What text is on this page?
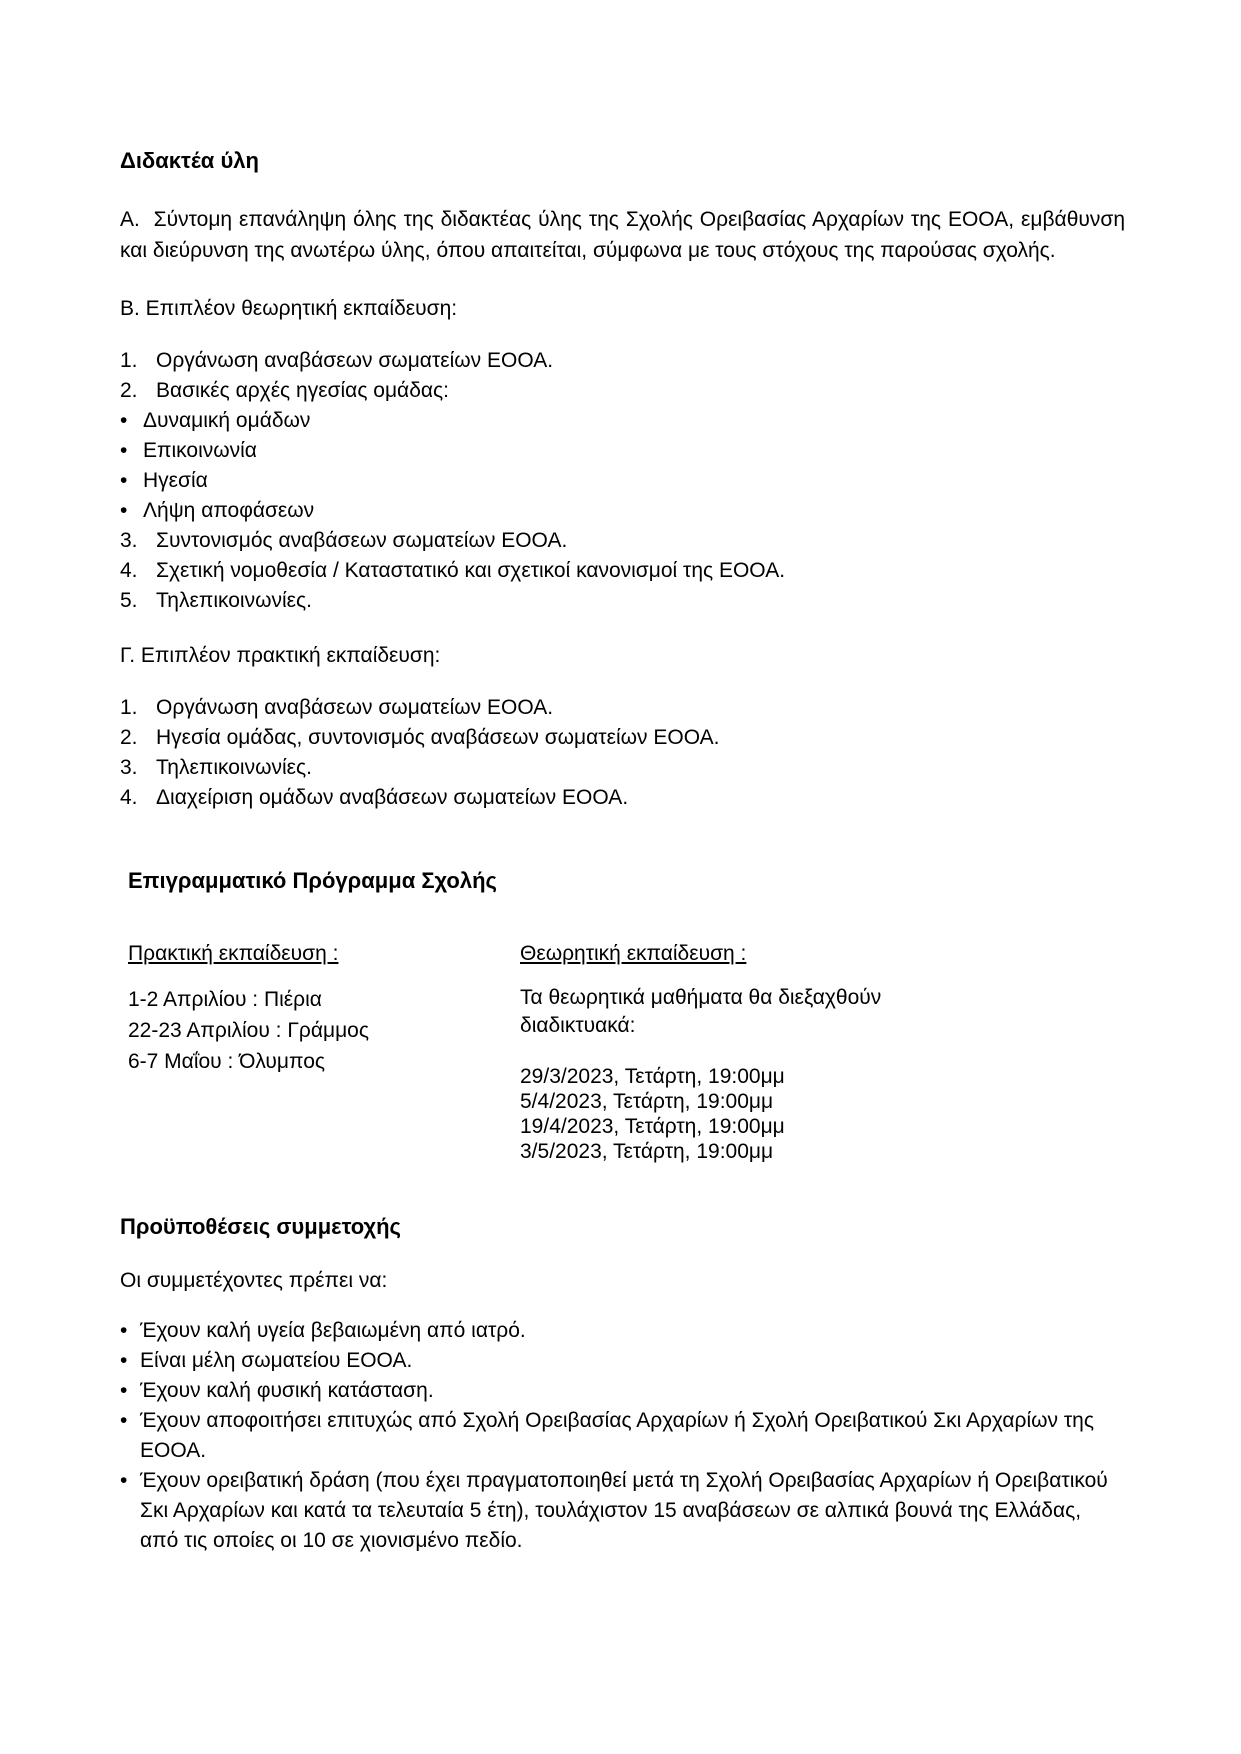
Διδακτέα ύλη

Α.  Σύντομη επανάληψη όλης της διδακτέας ύλης της Σχολής Ορειβασίας Αρχαρίων της ΕΟΟΑ, εμβάθυνση και διεύρυνση της ανωτέρω ύλης, όπου απαιτείται, σύμφωνα με τους στόχους της παρούσας σχολής.

Β. Επιπλέον θεωρητική εκπαίδευση:
1. Οργάνωση αναβάσεων σωματείων ΕΟΟΑ.
2. Βασικές αρχές ηγεσίας ομάδας:
• Δυναμική ομάδων
• Επικοινωνία
• Ηγεσία
• Λήψη αποφάσεων
3. Συντονισμός αναβάσεων σωματείων ΕΟΟΑ.
4. Σχετική νομοθεσία / Καταστατικό και σχετικοί κανονισμοί της ΕΟΟΑ.
5. Τηλεπικοινωνίες.
Γ. Επιπλέον πρακτική εκπαίδευση:
1. Οργάνωση αναβάσεων σωματείων ΕΟΟΑ.
2. Ηγεσία ομάδας, συντονισμός αναβάσεων σωματείων ΕΟΟΑ.
3. Τηλεπικοινωνίες.
4. Διαχείριση ομάδων αναβάσεων σωματείων ΕΟΟΑ.
Επιγραμματικό Πρόγραμμα Σχολής
Πρακτική εκπαίδευση :
1-2 Απριλίου : Πιέρια
22-23 Απριλίου : Γράμμος
6-7 Μαΐου : Όλυμπος
Θεωρητική εκπαίδευση :
Τα θεωρητικά μαθήματα θα διεξαχθούν διαδικτυακά:
29/3/2023, Τετάρτη, 19:00μμ
5/4/2023, Τετάρτη, 19:00μμ
19/4/2023, Τετάρτη, 19:00μμ
3/5/2023, Τετάρτη, 19:00μμ
Προϋποθέσεις συμμετοχής
Οι συμμετέχοντες πρέπει να:
• Έχουν καλή υγεία βεβαιωμένη από ιατρό.
• Είναι μέλη σωματείου ΕΟΟΑ.
• Έχουν καλή φυσική κατάσταση.
• Έχουν αποφοιτήσει επιτυχώς από Σχολή Ορειβασίας Αρχαρίων ή Σχολή Ορειβατικού Σκι Αρχαρίων της ΕΟΟΑ.
• Έχουν ορειβατική δράση (που έχει πραγματοποιηθεί μετά τη Σχολή Ορειβασίας Αρχαρίων ή Ορειβατικού Σκι Αρχαρίων και κατά τα τελευταία 5 έτη), τουλάχιστον 15 αναβάσεων σε αλπικά βουνά της Ελλάδας, από τις οποίες οι 10 σε χιονισμένο πεδίο.
